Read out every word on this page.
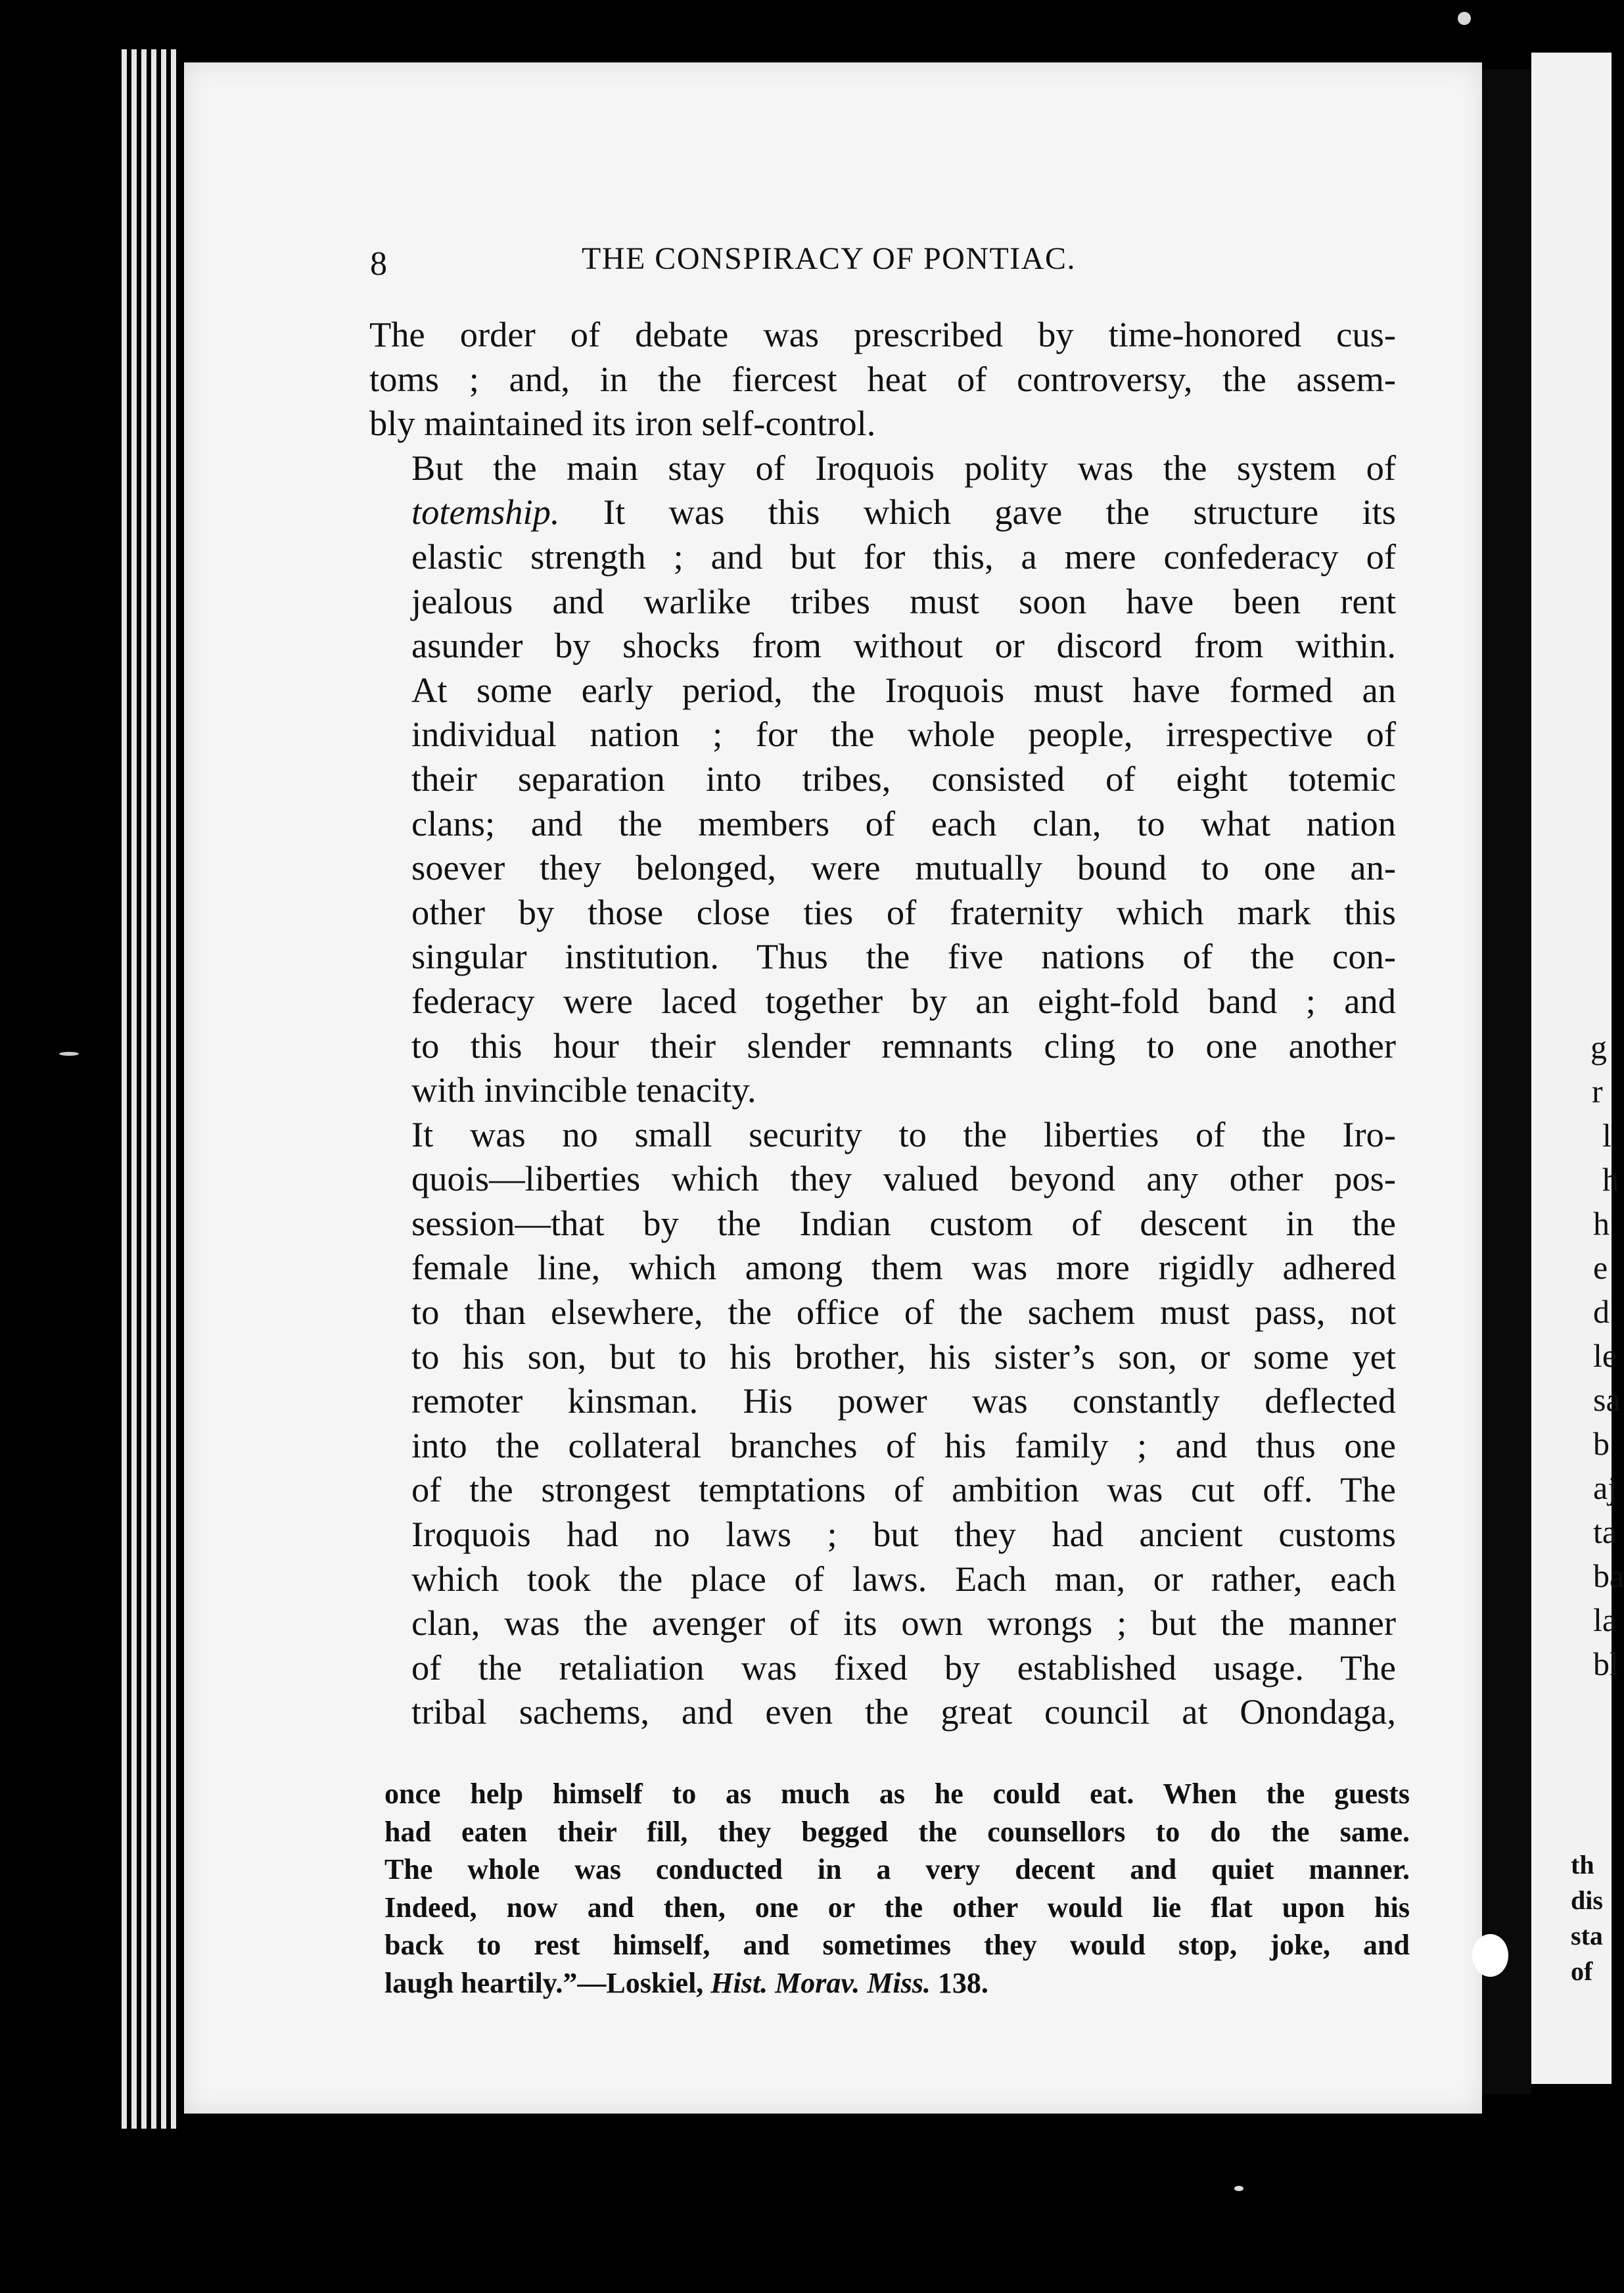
8	THE CONSPIRACY OF PONTIAC.

The order of debate was prescribed by time-honored cus-
toms ; and, in the fiercest heat of controversy, the assem-
bly maintained its iron self-control.

But the main stay of Iroquois polity was the system of
totemship. It was this which gave the structure its
elastic strength ; and but for this, a mere confederacy of
jealous and warlike tribes must soon have been rent
asunder by shocks from without or discord from within.
At some early period, the Iroquois must have formed an
individual nation ; for the whole people, irrespective of
their separation into tribes, consisted of eight totemic
clans; and the members of each clan, to what nation
soever they belonged, were mutually bound to one an-
other by those close ties of fraternity which mark this
singular institution. Thus the five nations of the con-
federacy were laced together by an eight-fold band ; and
to this hour their slender remnants cling to one another
with invincible tenacity.

It was no small security to the liberties of the Iro-
quois—liberties which they valued beyond any other pos-
session—that by the Indian custom of descent in the
female line, which among them was more rigidly adhered
to than elsewhere, the office of the sachem must pass, not
to his son, but to his brother, his sister’s son, or some yet
remoter kinsman. His power was constantly deflected
into the collateral branches of his family ; and thus one
of the strongest temptations of ambition was cut off. The
Iroquois had no laws ; but they had ancient customs
which took the place of laws. Each man, or rather, each
clan, was the avenger of its own wrongs ; but the manner
of the retaliation was fixed by established usage. The
tribal sachems, and even the great council at Onondaga,

once help himself to as much as he could eat. When the guests
had eaten their fill, they begged the counsellors to do the same.
The whole was conducted in a very decent and quiet manner.
Indeed, now and then, one or the other would lie flat upon his
back to rest himself, and sometimes they would stop, joke, and
laugh heartily.”—Loskiel, Hist. Morav. Miss. 138.
g
r
l
h
h
e
d
le
sa
b
aj
ta
ba
la
bl
th
dis
sta
of
